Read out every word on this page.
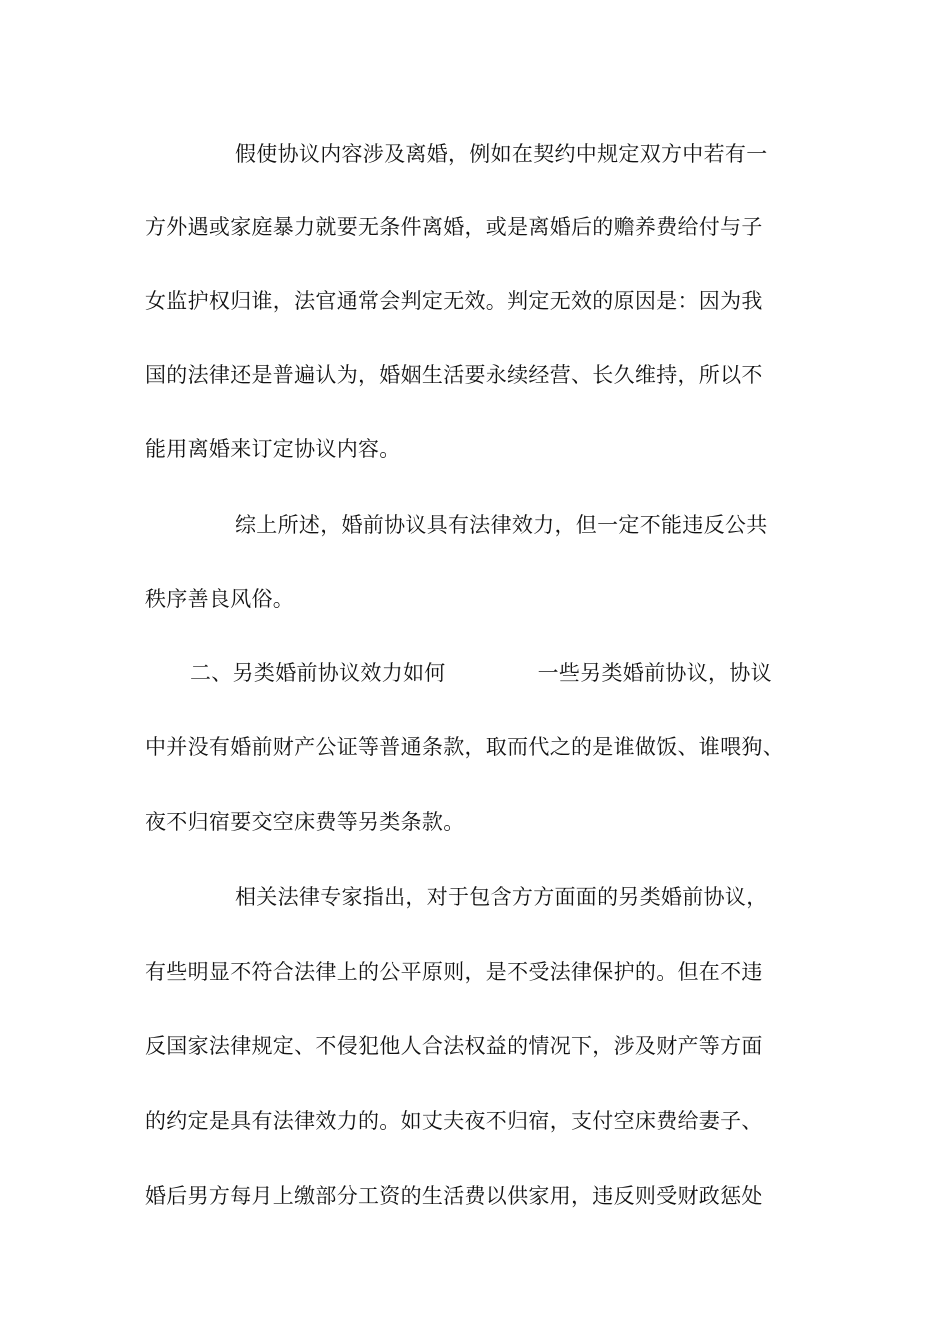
假使协议内容涉及离婚，例如在契约中规定双方中若有一
方外遇或家庭暴力就要无条件离婚，或是离婚后的赡养费给付与子
女监护权归谁，法官通常会判定无效。判定无效的原因是：因为我
国的法律还是普遍认为，婚姻生活要永续经营、长久维持，所以不
能用离婚来订定协议内容。
综上所述，婚前协议具有法律效力，但一定不能违反公共
秩序善良风俗。
二、另类婚前协议效力如何	一些另类婚前协议，协议
中并没有婚前财产公证等普通条款，取而代之的是谁做饭、谁喂狗、
夜不归宿要交空床费等另类条款。
相关法律专家指出，对于包含方方面面的另类婚前协议，
有些明显不符合法律上的公平原则，是不受法律保护的。但在不违
反国家法律规定、不侵犯他人合法权益的情况下，涉及财产等方面
的约定是具有法律效力的。如丈夫夜不归宿，支付空床费给妻子、
婚后男方每月上缴部分工资的生活费以供家用，违反则受财政惩处
